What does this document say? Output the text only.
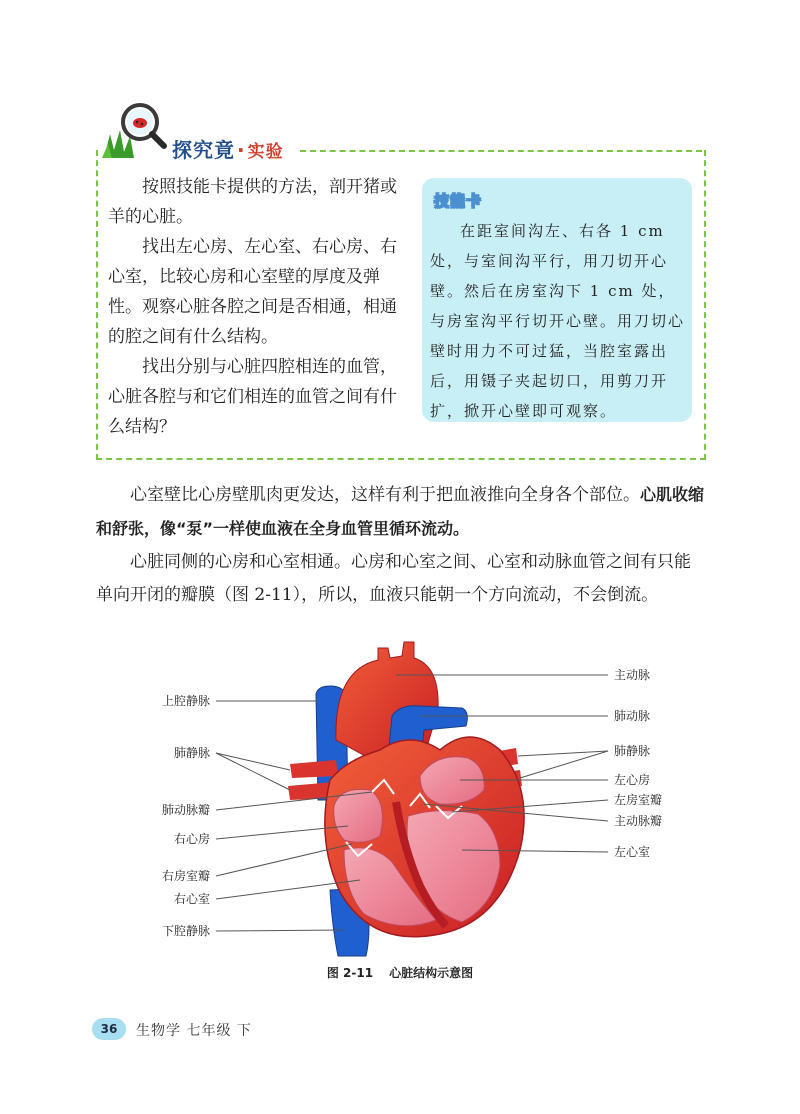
探究竟 · 实验

按照技能卡提供的方法，剖开猪或羊的心脏。

找出左心房、左心室、右心房、右心室，比较心房和心室壁的厚度及弹性。观察心脏各腔之间是否相通，相通的腔之间有什么结构。

找出分别与心脏四腔相连的血管，心脏各腔与和它们相连的血管之间有什么结构？

技能卡

在距室间沟左、右各 1 cm 处，与室间沟平行，用刀切开心壁。然后在房室沟下 1 cm 处，与房室沟平行切开心壁。用刀切心壁时用力不可过猛，当腔室露出后，用镊子夹起切口，用剪刀开扩，掀开心壁即可观察。

心室壁比心房壁肌肉更发达，这样有利于把血液推向全身各个部位。心肌收缩和舒张，像“泵”一样使血液在全身血管里循环流动。

心脏同侧的心房和心室相通。心房和心室之间、心室和动脉血管之间有只能单向开闭的瓣膜（图 2-11），所以，血液只能朝一个方向流动，不会倒流。

上腔静脉
肺静脉
肺动脉瓣
右心房
右房室瓣
右心室
下腔静脉
主动脉
肺动脉
肺静脉
左心房
左房室瓣
主动脉瓣
左心室
图 2-11 心脏结构示意图
36	生物学 七年级 下
